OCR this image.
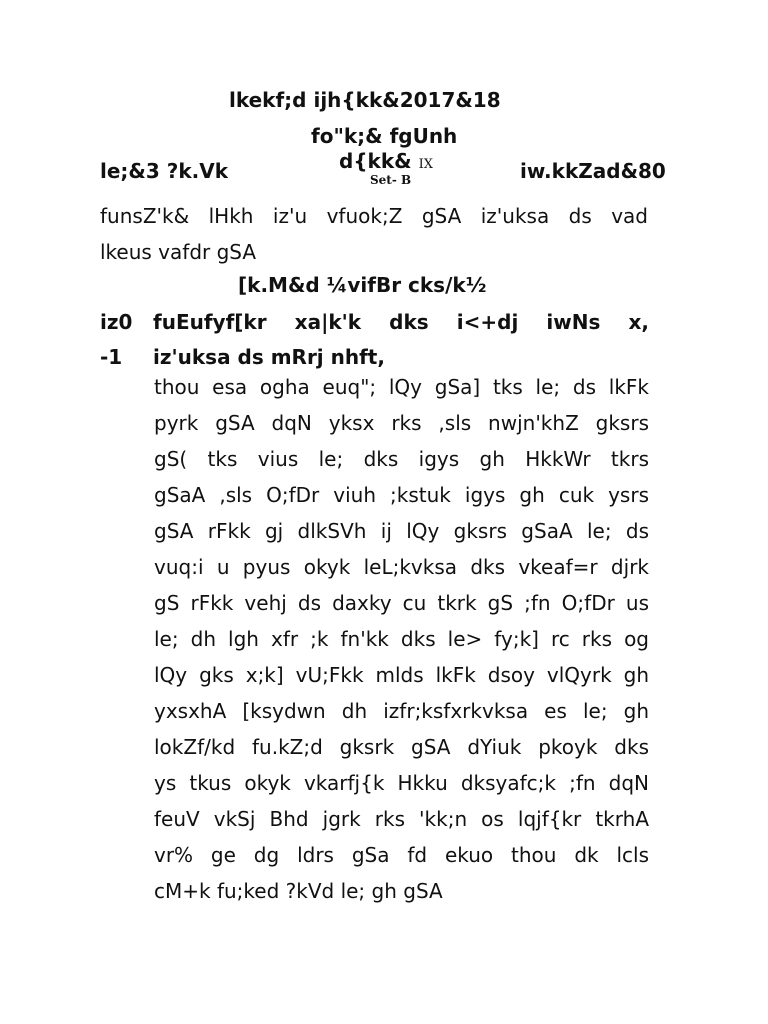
lkekf;d ijh{kk&2017&18
fo"k;& fgUnh
d{kk& IX
Set- B
le;&3 ?k.Vk	iw.kkZad&80
funsZ'k& lHkh iz'u vfuok;Z gSA iz'uksa ds vad
lkeus vafdr gSA
[k.M&d ¼vifBr cks/k½
iz0
-1
fuEufyf[kr xa|k'k dks i<+dj iwNs x,
iz'uksa ds mRrj nhft,
thou esa ogha euq"; lQy gSa] tks le; ds lkFk
pyrk gSA dqN yksx rks ,sls nwjn'khZ gksrs
gS( tks vius le; dks igys gh HkkWr tkrs
gSaA ,sls O;fDr viuh ;kstuk igys gh cuk ysrs
gSA rFkk gj dlkSVh ij lQy gksrs gSaA le; ds
vuq:i u pyus okyk leL;kvksa dks vkeaf=r djrk
gS rFkk vehj ds daxky cu tkrk gS ;fn O;fDr us
le; dh lgh xfr ;k fn'kk dks le> fy;k] rc rks og
lQy gks x;k] vU;Fkk mlds lkFk dsoy vlQyrk gh
yxsxhA [ksydwn dh izfr;ksfxrkvksa es le; gh
lokZf/kd fu.kZ;d gksrk gSA dYiuk pkoyk dks
ys tkus okyk vkarfj{k Hkku dksyafc;k ;fn dqN
feuV vkSj Bhd jgrk rks 'kk;n os lqjf{kr tkrhA
vr% ge dg ldrs gSa fd ekuo thou dk lcls
cM+k fu;ked ?kVd le; gh gSA
